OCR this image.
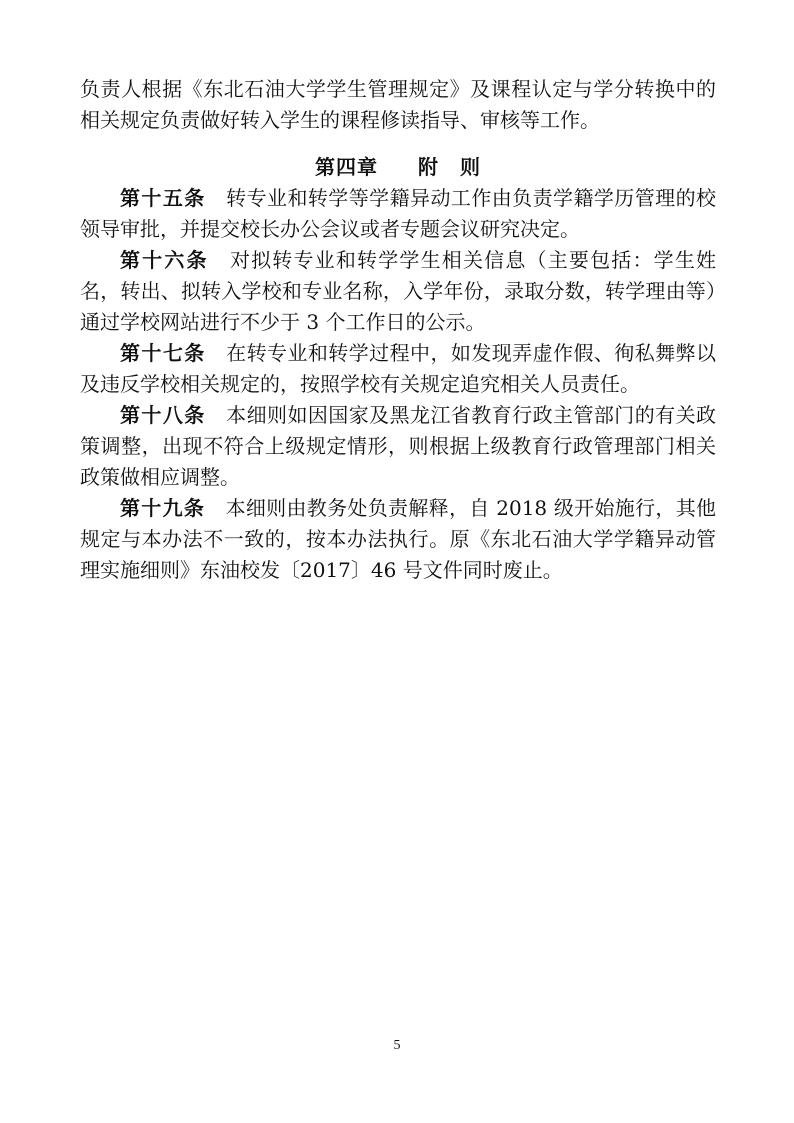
负责人根据《东北石油大学学生管理规定》及课程认定与学分转换中的相关规定负责做好转入学生的课程修读指导、审核等工作。

第四章 附　则

第十五条　 转专业和转学等学籍异动工作由负责学籍学历管理的校领导审批，并提交校长办公会议或者专题会议研究决定。

第十六条　 对拟转专业和转学学生相关信息（主要包括：学生姓名，转出、拟转入学校和专业名称，入学年份，录取分数，转学理由等）通过学校网站进行不少于 3 个工作日的公示。

第十七条　 在转专业和转学过程中，如发现弄虚作假、徇私舞弊以及违反学校相关规定的，按照学校有关规定追究相关人员责任。

第十八条　 本细则如因国家及黑龙江省教育行政主管部门的有关政策调整，出现不符合上级规定情形，则根据上级教育行政管理部门相关政策做相应调整。

第十九条　 本细则由教务处负责解释，自 2018 级开始施行，其他规定与本办法不一致的，按本办法执行。原《东北石油大学学籍异动管理实施细则》东油校发〔2017〕46 号文件同时废止。

5
